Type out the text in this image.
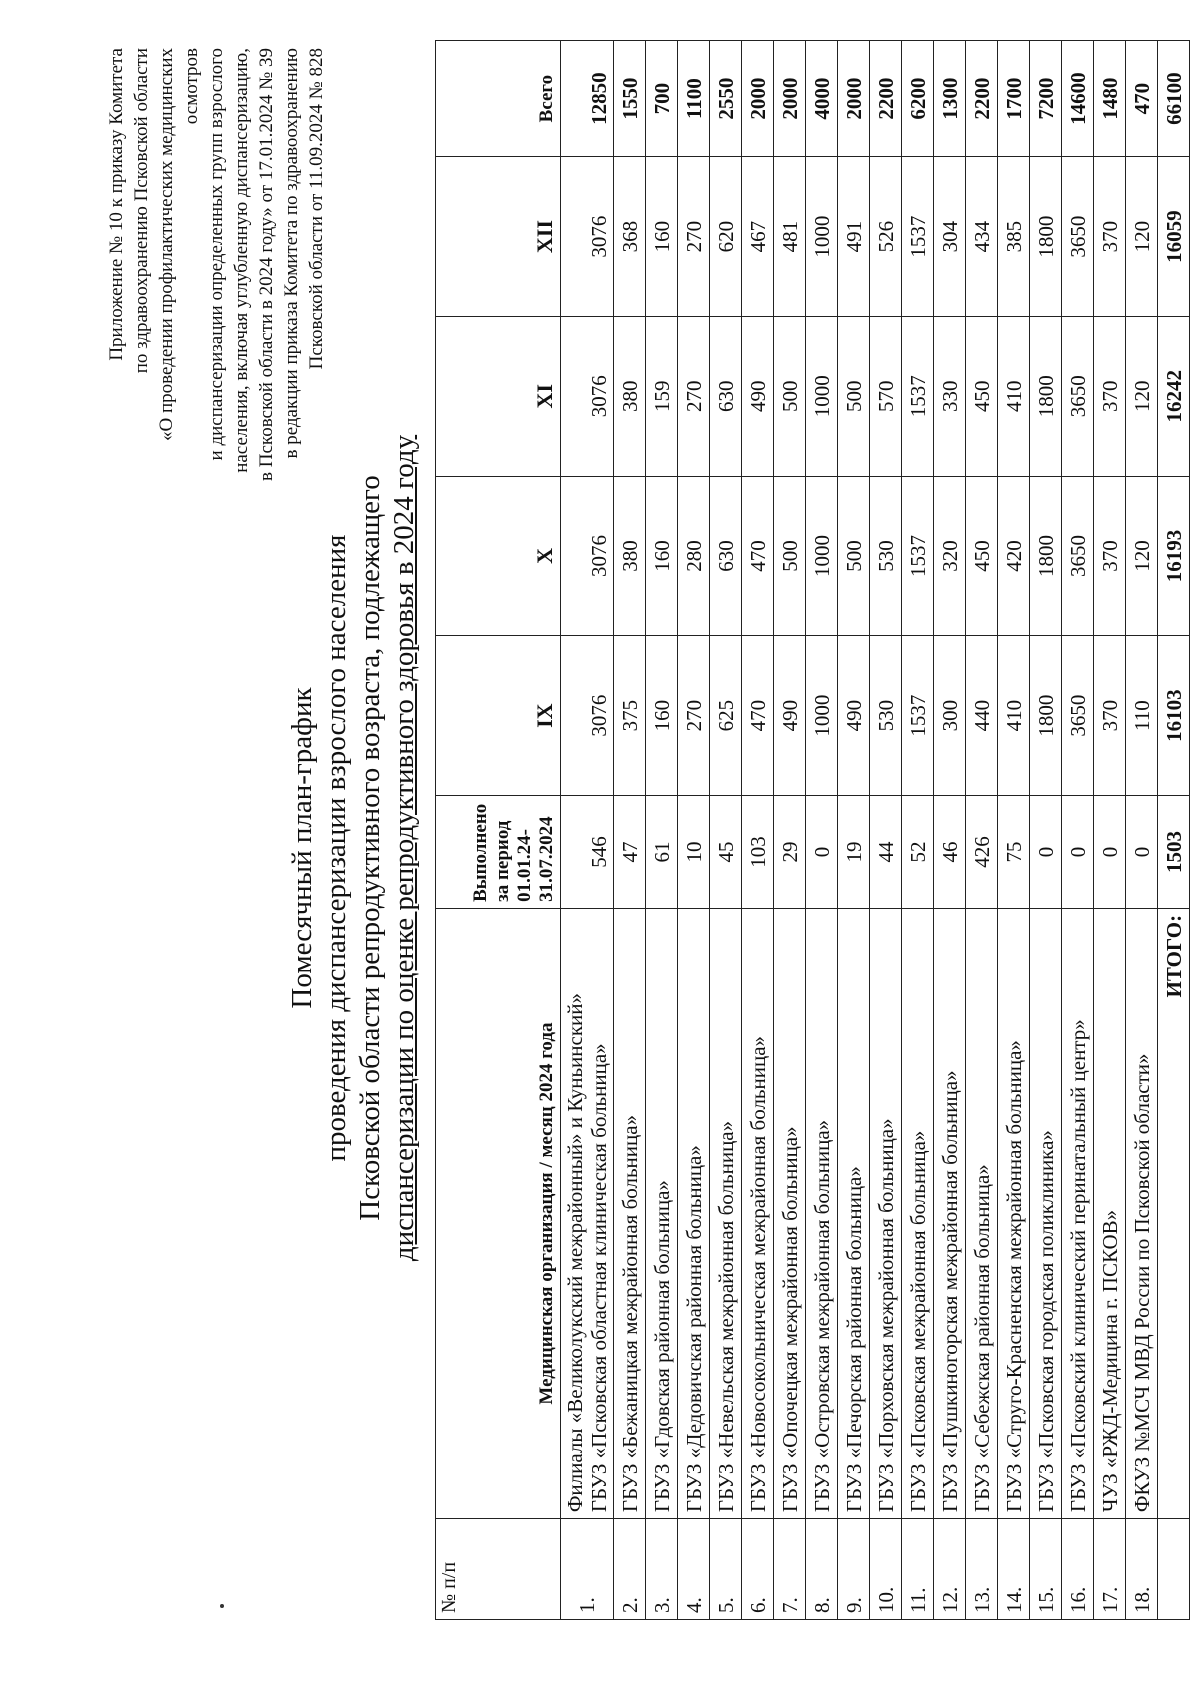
Приложение № 10 к приказу Комитета по здравоохранению Псковской области «О проведении профилактических медицинских осмотров и диспансеризации определенных групп взрослого населения, включая углубленную диспансеризацию, в Псковской области в 2024 году» от 17.01.2024 № 39 в редакции приказа Комитета по здравоохранению Псковской области от 11.09.2024 № 828
Помесячный план-график проведения диспансеризации взрослого населения Псковской области репродуктивного возраста, подлежащего диспансеризации по оценке репродуктивного здоровья в 2024 году
№ п/п	Медицинская организация / месяц 2024 года	Выполнено за период 01.01.24- 31.07.2024	IX	X	XI	XII	Всего
1.	Филиалы «Великолукский межрайонный» и Куньинский» ГБУЗ «Псковская областная клиническая больница»	546	3076	3076	3076	3076	12850
2.	ГБУЗ «Бежаницкая межрайонная больница»	47	375	380	380	368	1550
3.	ГБУЗ «Гдовская районная больница»	61	160	160	159	160	700
4.	ГБУЗ «Дедовичская районная больница»	10	270	280	270	270	1100
5.	ГБУЗ «Невельская межрайонная больница»	45	625	630	630	620	2550
6.	ГБУЗ «Новосокольническая межрайонная больница»	103	470	470	490	467	2000
7.	ГБУЗ «Опочецкая межрайонная больница»	29	490	500	500	481	2000
8.	ГБУЗ «Островская межрайонная больница»	0	1000	1000	1000	1000	4000
9.	ГБУЗ «Печорская районная больница»	19	490	500	500	491	2000
10.	ГБУЗ «Порховская межрайонная больница»	44	530	530	570	526	2200
11.	ГБУЗ «Псковская межрайонная больница»	52	1537	1537	1537	1537	6200
12.	ГБУЗ «Пушкиногорская межрайонная больница»	46	300	320	330	304	1300
13.	ГБУЗ «Себежская районная больница»	426	440	450	450	434	2200
14.	ГБУЗ «Струго-Красненская межрайонная больница»	75	410	420	410	385	1700
15.	ГБУЗ «Псковская городская поликлиника»	0	1800	1800	1800	1800	7200
16.	ГБУЗ «Псковский клинический перинатальный центр»	0	3650	3650	3650	3650	14600
17.	ЧУЗ «РЖД-Медицина г. ПСКОВ»	0	370	370	370	370	1480
18.	ФКУЗ №МСЧ МВД России по Псковской области»	0	110	120	120	120	470
	ИТОГО:	1503	16103	16193	16242	16059	66100
